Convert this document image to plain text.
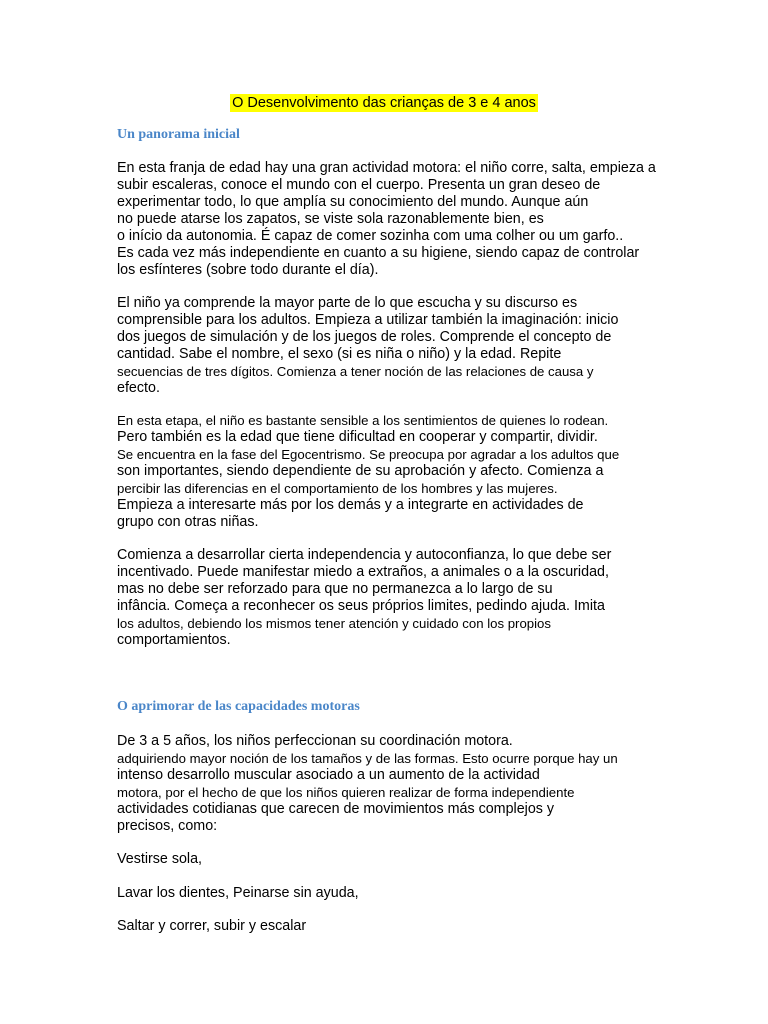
O Desenvolvimento das crianças de 3 e 4 anos
Un panorama inicial
En esta franja de edad hay una gran actividad motora: el niño corre, salta, empieza a
subir escaleras, conoce el mundo con el cuerpo. Presenta un gran deseo de
experimentar todo, lo que amplía su conocimiento del mundo. Aunque aún
no puede atarse los zapatos, se viste sola razonablemente bien, es
o início da autonomia. É capaz de comer sozinha com uma colher ou um garfo..
Es cada vez más independiente en cuanto a su higiene, siendo capaz de controlar
los esfínteres (sobre todo durante el día).
El niño ya comprende la mayor parte de lo que escucha y su discurso es
comprensible para los adultos. Empieza a utilizar también la imaginación: inicio
dos juegos de simulación y de los juegos de roles. Comprende el concepto de
cantidad. Sabe el nombre, el sexo (si es niña o niño) y la edad. Repite
secuencias de tres dígitos. Comienza a tener noción de las relaciones de causa y
efecto.
En esta etapa, el niño es bastante sensible a los sentimientos de quienes lo rodean.
Pero también es la edad que tiene dificultad en cooperar y compartir, dividir.
Se encuentra en la fase del Egocentrismo. Se preocupa por agradar a los adultos que
son importantes, siendo dependiente de su aprobación y afecto. Comienza a
percibir las diferencias en el comportamiento de los hombres y las mujeres.
Empieza a interesarte más por los demás y a integrarte en actividades de
grupo con otras niñas.
Comienza a desarrollar cierta independencia y autoconfianza, lo que debe ser
incentivado. Puede manifestar miedo a extraños, a animales o a la oscuridad,
mas no debe ser reforzado para que no permanezca a lo largo de su
infância. Começa a reconhecer os seus próprios limites, pedindo ajuda. Imita
los adultos, debiendo los mismos tener atención y cuidado con los propios
comportamientos.
O aprimorar de las capacidades motoras
De 3 a 5 años, los niños perfeccionan su coordinación motora.
adquiriendo mayor noción de los tamaños y de las formas. Esto ocurre porque hay un
intenso desarrollo muscular asociado a un aumento de la actividad
motora, por el hecho de que los niños quieren realizar de forma independiente
actividades cotidianas que carecen de movimientos más complejos y
precisos, como:
Vestirse sola,
Lavar los dientes, Peinarse sin ayuda,
Saltar y correr, subir y escalar
